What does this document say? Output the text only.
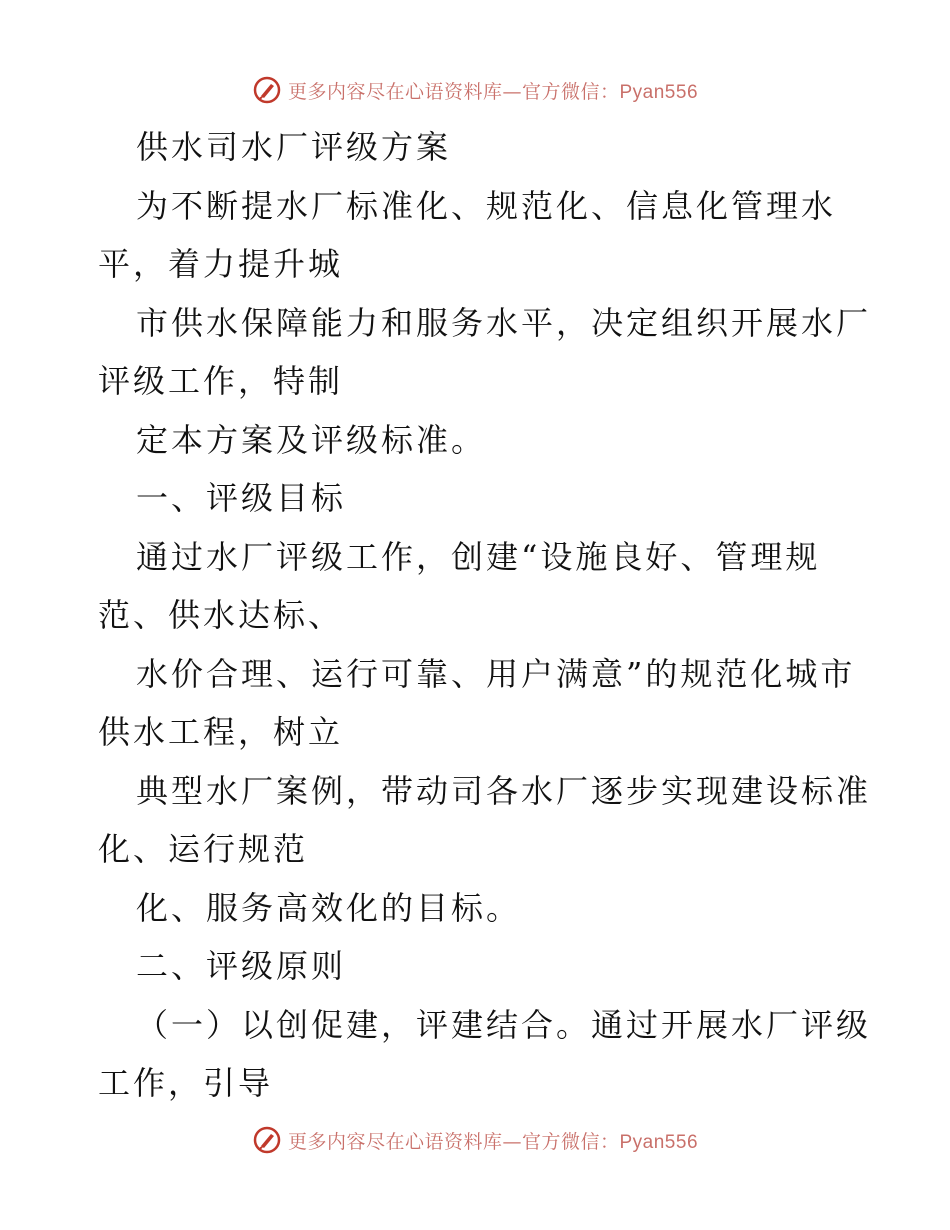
更多内容尽在心语资料库—官方微信：Pyan556
供水司水厂评级方案
为不断提水厂标准化、规范化、信息化管理水
平，着力提升城
市供水保障能力和服务水平，决定组织开展水厂
评级工作，特制
定本方案及评级标准。
一、评级目标
通过水厂评级工作，创建“设施良好、管理规
范、供水达标、
水价合理、运行可靠、用户满意”的规范化城市
供水工程，树立
典型水厂案例，带动司各水厂逐步实现建设标准
化、运行规范
化、服务高效化的目标。
二、评级原则
（一）以创促建，评建结合。通过开展水厂评级
工作，引导
更多内容尽在心语资料库—官方微信：Pyan556
